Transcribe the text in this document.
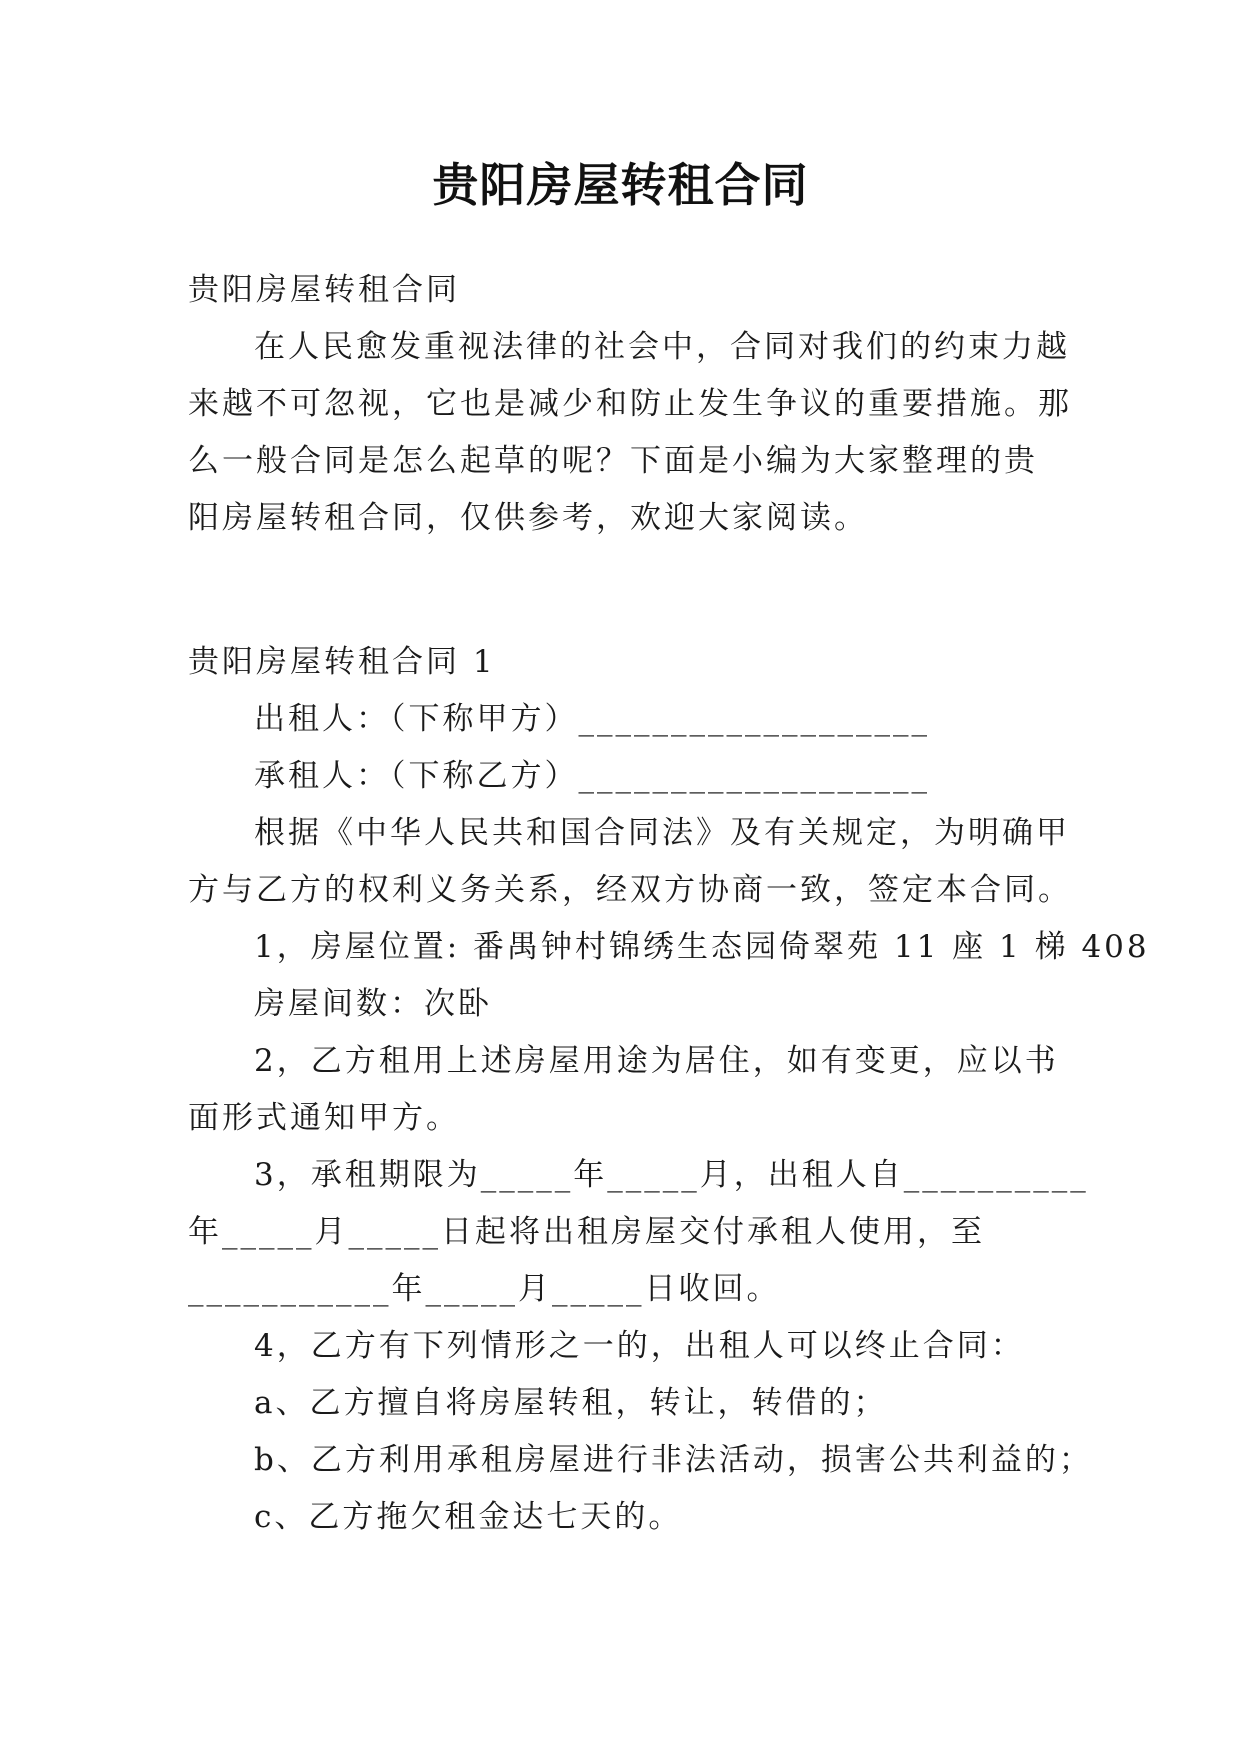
贵阳房屋转租合同
贵阳房屋转租合同
在人民愈发重视法律的社会中，合同对我们的约束力越
来越不可忽视，它也是减少和防止发生争议的重要措施。那
么一般合同是怎么起草的呢？下面是小编为大家整理的贵
阳房屋转租合同，仅供参考，欢迎大家阅读。
贵阳房屋转租合同 1
出租人：（下称甲方）___________________
承租人：（下称乙方）___________________
根据《中华人民共和国合同法》及有关规定，为明确甲
方与乙方的权利义务关系，经双方协商一致，签定本合同。
1，房屋位置: 番禺钟村锦绣生态园倚翠苑 11 座 1 梯 408
房屋间数：次卧
2，乙方租用上述房屋用途为居住，如有变更，应以书
面形式通知甲方。
3，承租期限为_____年_____月，出租人自__________
年_____月_____日起将出租房屋交付承租人使用，至
___________年_____月_____日收回。
4，乙方有下列情形之一的，出租人可以终止合同：
a、乙方擅自将房屋转租，转让，转借的；
b、乙方利用承租房屋进行非法活动，损害公共利益的；
c、乙方拖欠租金达七天的。
